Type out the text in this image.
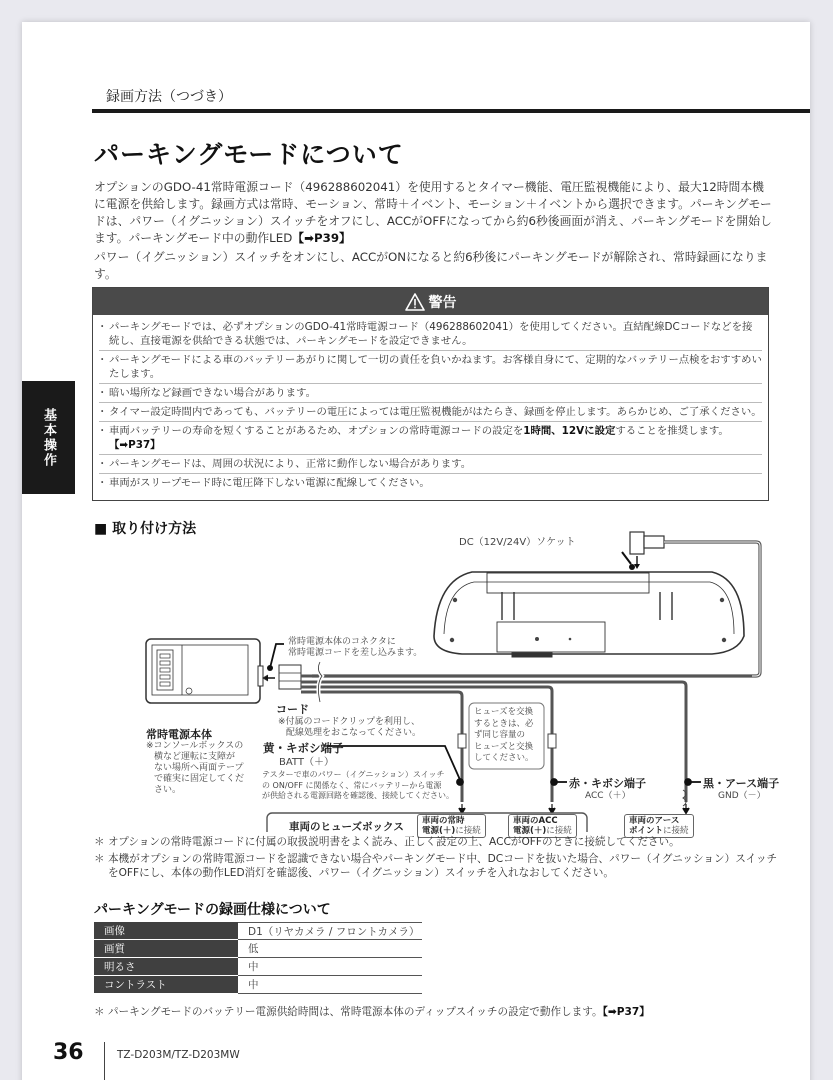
録画方法（つづき）
パーキングモードについて

オプションのGDO-41常時電源コード（496288602041）を使用するとタイマー機能、電圧監視機能により、最大12時間本機に電源を供給します。録画方式は常時、モーション、常時＋イベント、モーション＋イベントから選択できます。パーキングモードは、パワー（イグニッション）スイッチをオフにし、ACCがOFFになってから約6秒後画面が消え、パーキングモードを開始します。パーキングモード中の動作LED【➡P39】

パワー（イグニッション）スイッチをオンにし、ACCがONになると約6秒後にパーキングモードが解除され、常時録画になります。

基本操作
警告
・ パーキングモードでは、必ずオプションのGDO-41常時電源コード（496288602041）を使用してください。直結配線DCコードなどを接続し、直接電源を供給できる状態では、パーキングモードを設定できません。
・ パーキングモードによる車のバッテリーあがりに関して一切の責任を負いかねます。お客様自身にて、定期的なバッテリー点検をおすすめいたします。
・ 暗い場所など録画できない場合があります。
・ タイマー設定時間内であっても、バッテリーの電圧によっては電圧監視機能がはたらき、録画を停止します。あらかじめ、ご了承ください。
・ 車両バッテリーの寿命を短くすることがあるため、オプションの常時電源コードの設定を1時間、12Vに設定することを推奨します。【➡P37】
・ パーキングモードは、周囲の状況により、正常に動作しない場合があります。
・ 車両がスリープモード時に電圧降下しない電源に配線してください。
■ 取り付け方法
DC（12V/24V）ソケット
常時電源本体のコネクタに
常時電源コードを差し込みます。
コード
※付属のコードクリップを利用し、
配線処理をおこなってください。
常時電源本体
※コンソールボックスの
横など運転に支障が
ない場所へ両面テープ
で確実に固定してくだ
さい。
黄・キボシ端子
BATT（＋）
テスターで車のパワー（イグニッション）スイッチ
の ON/OFF に関係なく、常にバッテリーから電源
が供給される電源回路を確認後、接続してください。
ヒューズを交換
するときは、必
ず同じ容量の
ヒューズと交換
してください。
赤・キボシ端子
ACC（＋）
黒・アース端子
GND（－）
車両のヒューズボックス 車両の常時
電源(＋)に接続
車両のACC
電源(＋)に接続
車両のアース
ポイントに接続

＊ オプションの常時電源コードに付属の取扱説明書をよく読み、正しく設定の上、ACCがOFFのときに接続してください。

＊ 本機がオプションの常時電源コードを認識できない場合やパーキングモード中、DCコードを抜いた場合、パワー（イグニッション）スイッチをOFFにし、本体の動作LED消灯を確認後、パワー（イグニッション）スイッチを入れなおしてください。

パーキングモードの録画仕様について
画像	D1（リヤカメラ / フロントカメラ）
画質	低
明るさ	中
コントラスト	中
＊ パーキングモードのバッテリー電源供給時間は、常時電源本体のディップスイッチの設定で動作します。【➡P37】
36	TZ-D203M/TZ-D203MW
